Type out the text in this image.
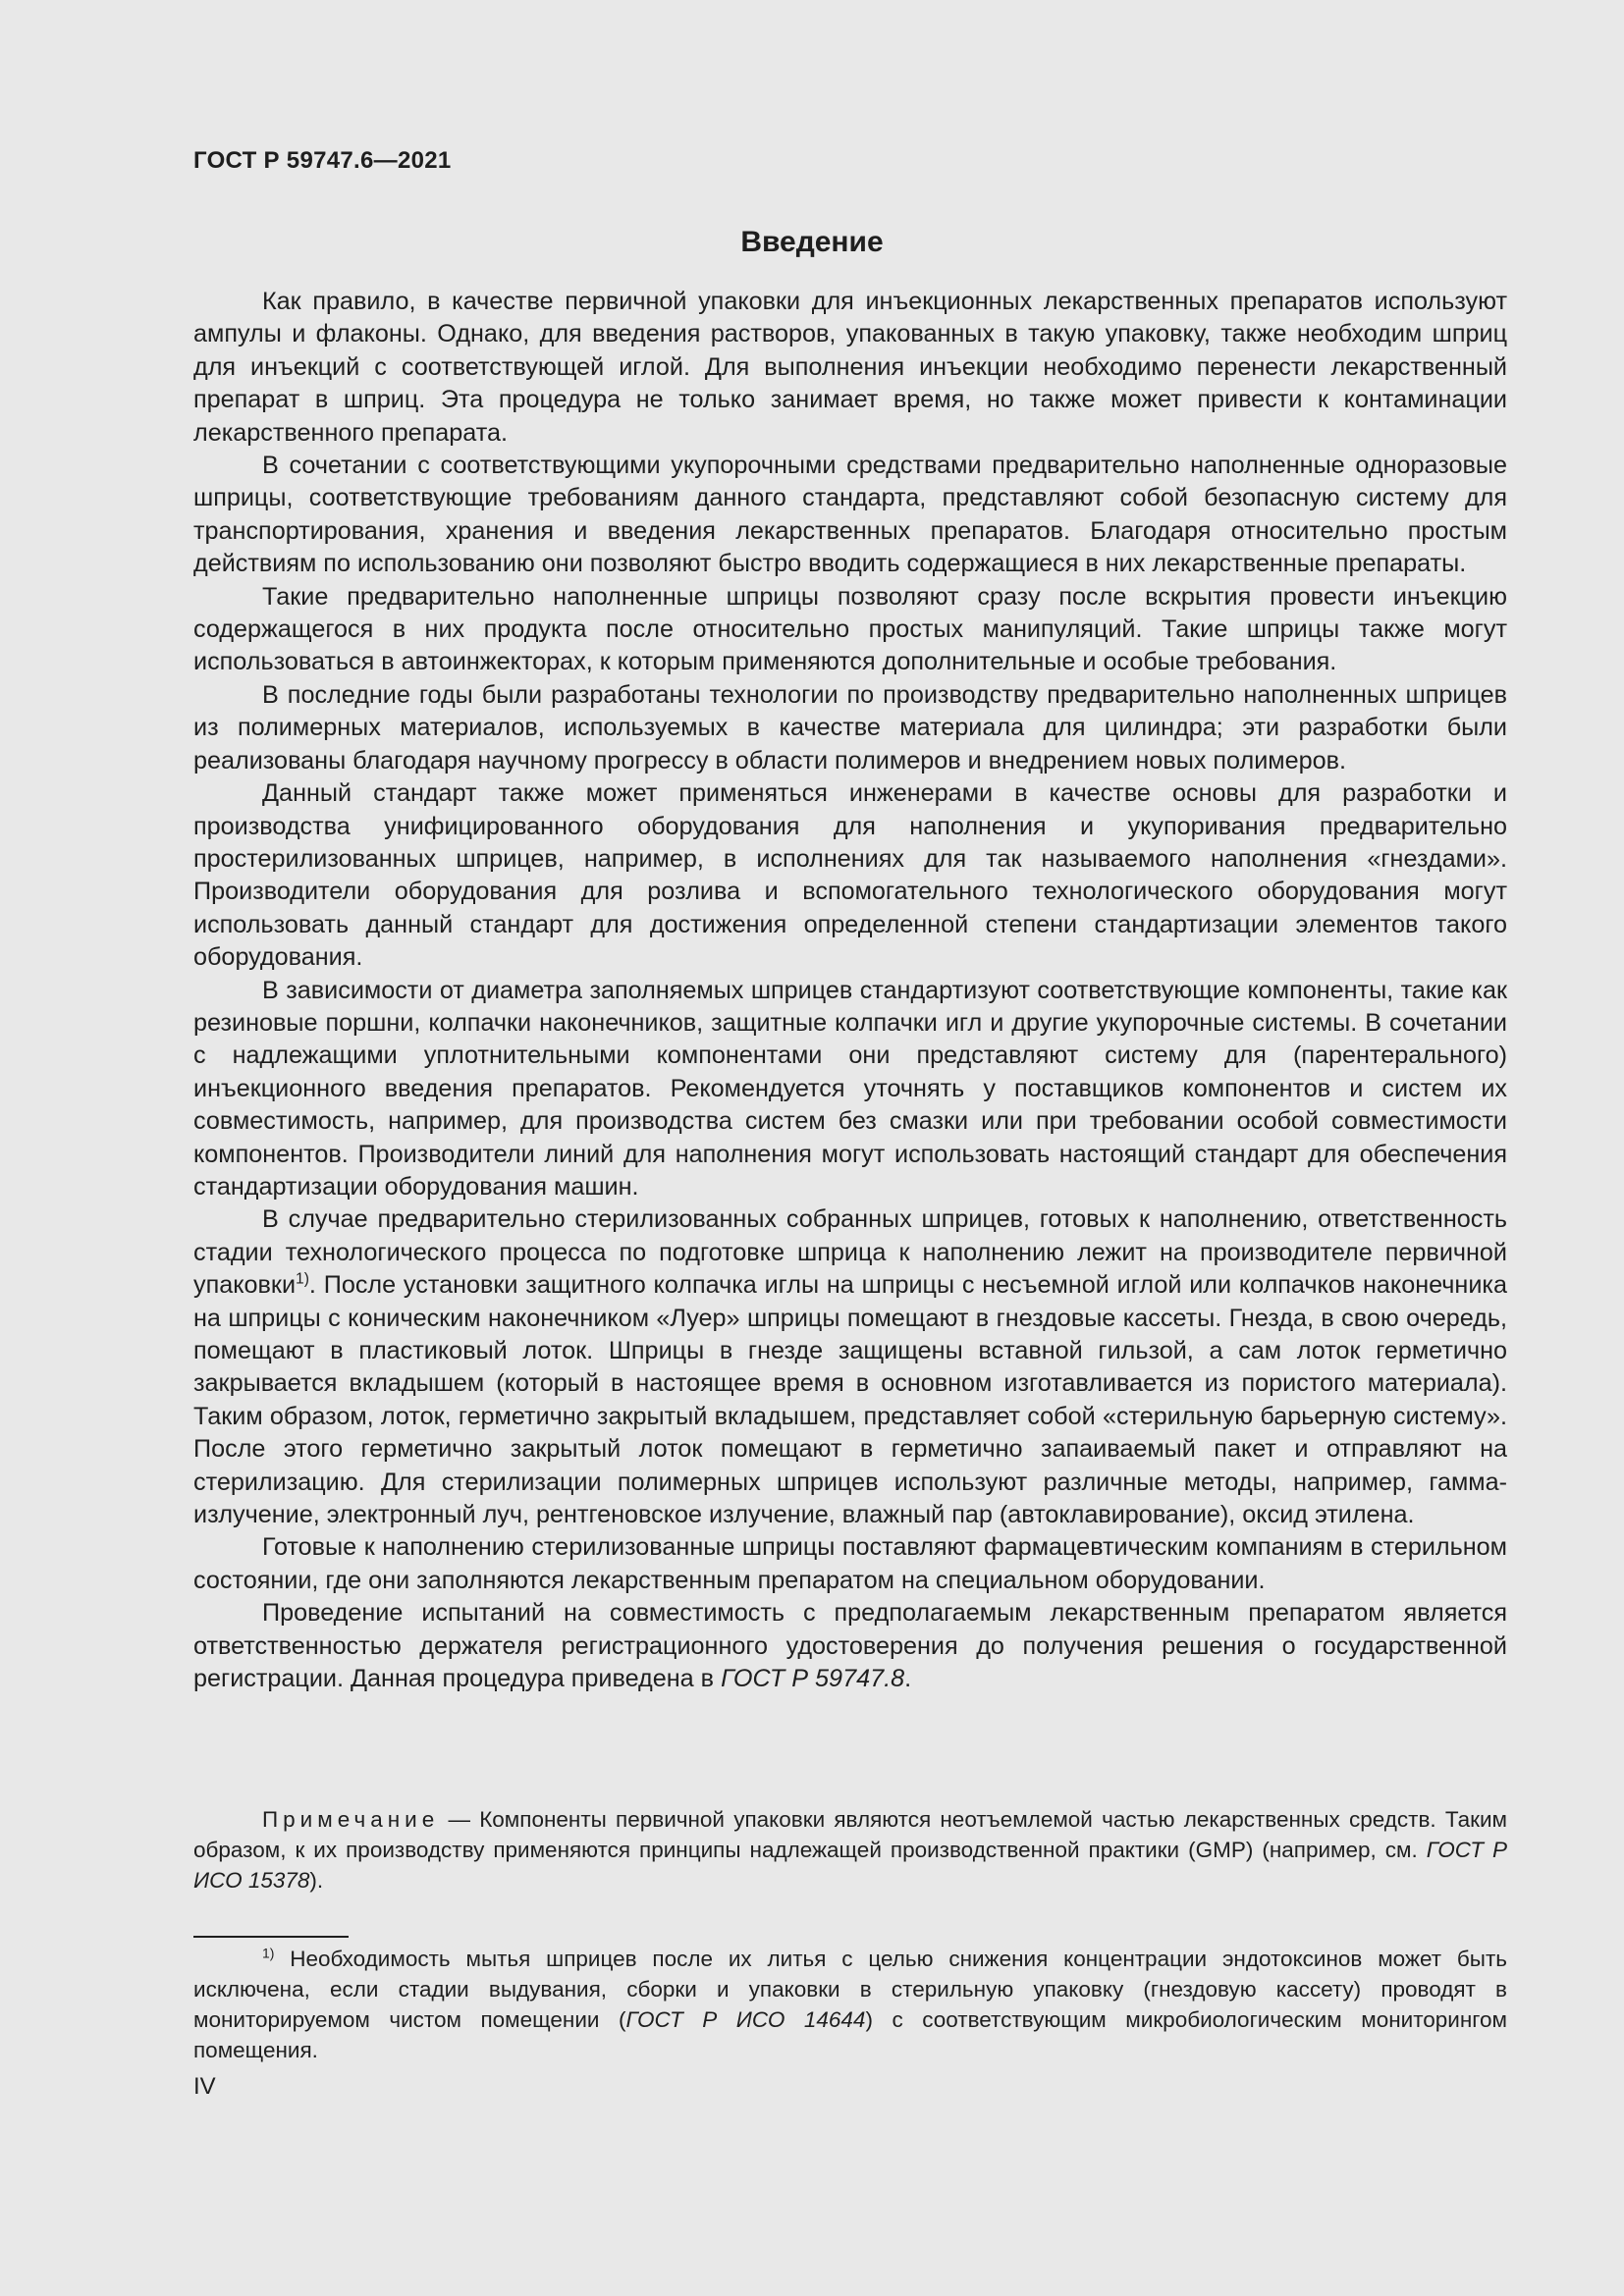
ГОСТ Р 59747.6—2021
Введение

Как правило, в качестве первичной упаковки для инъекционных лекарственных препаратов используют ампулы и флаконы. Однако, для введения растворов, упакованных в такую упаковку, также необходим шприц для инъекций с соответствующей иглой. Для выполнения инъекции необходимо перенести лекарственный препарат в шприц. Эта процедура не только занимает время, но также может привести к контаминации лекарственного препарата.

В сочетании с соответствующими укупорочными средствами предварительно наполненные одноразовые шприцы, соответствующие требованиям данного стандарта, представляют собой безопасную систему для транспортирования, хранения и введения лекарственных препаратов. Благодаря относительно простым действиям по использованию они позволяют быстро вводить содержащиеся в них лекарственные препараты.

Такие предварительно наполненные шприцы позволяют сразу после вскрытия провести инъекцию содержащегося в них продукта после относительно простых манипуляций. Такие шприцы также могут использоваться в автоинжекторах, к которым применяются дополнительные и особые требования.

В последние годы были разработаны технологии по производству предварительно наполненных шприцев из полимерных материалов, используемых в качестве материала для цилиндра; эти разработки были реализованы благодаря научному прогрессу в области полимеров и внедрением новых полимеров.

Данный стандарт также может применяться инженерами в качестве основы для разработки и производства унифицированного оборудования для наполнения и укупоривания предварительно простерилизованных шприцев, например, в исполнениях для так называемого наполнения «гнездами». Производители оборудования для розлива и вспомогательного технологического оборудования могут использовать данный стандарт для достижения определенной степени стандартизации элементов такого оборудования.

В зависимости от диаметра заполняемых шприцев стандартизуют соответствующие компоненты, такие как резиновые поршни, колпачки наконечников, защитные колпачки игл и другие укупорочные системы. В сочетании с надлежащими уплотнительными компонентами они представляют систему для (парентерального) инъекционного введения препаратов. Рекомендуется уточнять у поставщиков компонентов и систем их совместимость, например, для производства систем без смазки или при требовании особой совместимости компонентов. Производители линий для наполнения могут использовать настоящий стандарт для обеспечения стандартизации оборудования машин.

В случае предварительно стерилизованных собранных шприцев, готовых к наполнению, ответственность стадии технологического процесса по подготовке шприца к наполнению лежит на производителе первичной упаковки$^{1)}$. После установки защитного колпачка иглы на шприцы с несъемной иглой или колпачков наконечника на шприцы с коническим наконечником «Луер» шприцы помещают в гнездовые кассеты. Гнезда, в свою очередь, помещают в пластиковый лоток. Шприцы в гнезде защищены вставной гильзой, а сам лоток герметично закрывается вкладышем (который в настоящее время в основном изготавливается из пористого материала). Таким образом, лоток, герметично закрытый вкладышем, представляет собой «стерильную барьерную систему». После этого герметично закрытый лоток помещают в герметично запаиваемый пакет и отправляют на стерилизацию. Для стерилизации полимерных шприцев используют различные методы, например, гамма-излучение, электронный луч, рентгеновское излучение, влажный пар (автоклавирование), оксид этилена.

Готовые к наполнению стерилизованные шприцы поставляют фармацевтическим компаниям в стерильном состоянии, где они заполняются лекарственным препаратом на специальном оборудовании.

Проведение испытаний на совместимость с предполагаемым лекарственным препаратом является ответственностью держателя регистрационного удостоверения до получения решения о государственной регистрации. Данная процедура приведена в ГОСТ Р 59747.8.

Примечание — Компоненты первичной упаковки являются неотъемлемой частью лекарственных средств. Таким образом, к их производству применяются принципы надлежащей производственной практики (GMP) (например, см. ГОСТ Р ИСО 15378).
$^{1)}$ Необходимость мытья шприцев после их литья с целью снижения концентрации эндотоксинов может быть исключена, если стадии выдувания, сборки и упаковки в стерильную упаковку (гнездовую кассету) проводят в мониторируемом чистом помещении (ГОСТ Р ИСО 14644) с соответствующим микробиологическим мониторингом помещения.
IV
